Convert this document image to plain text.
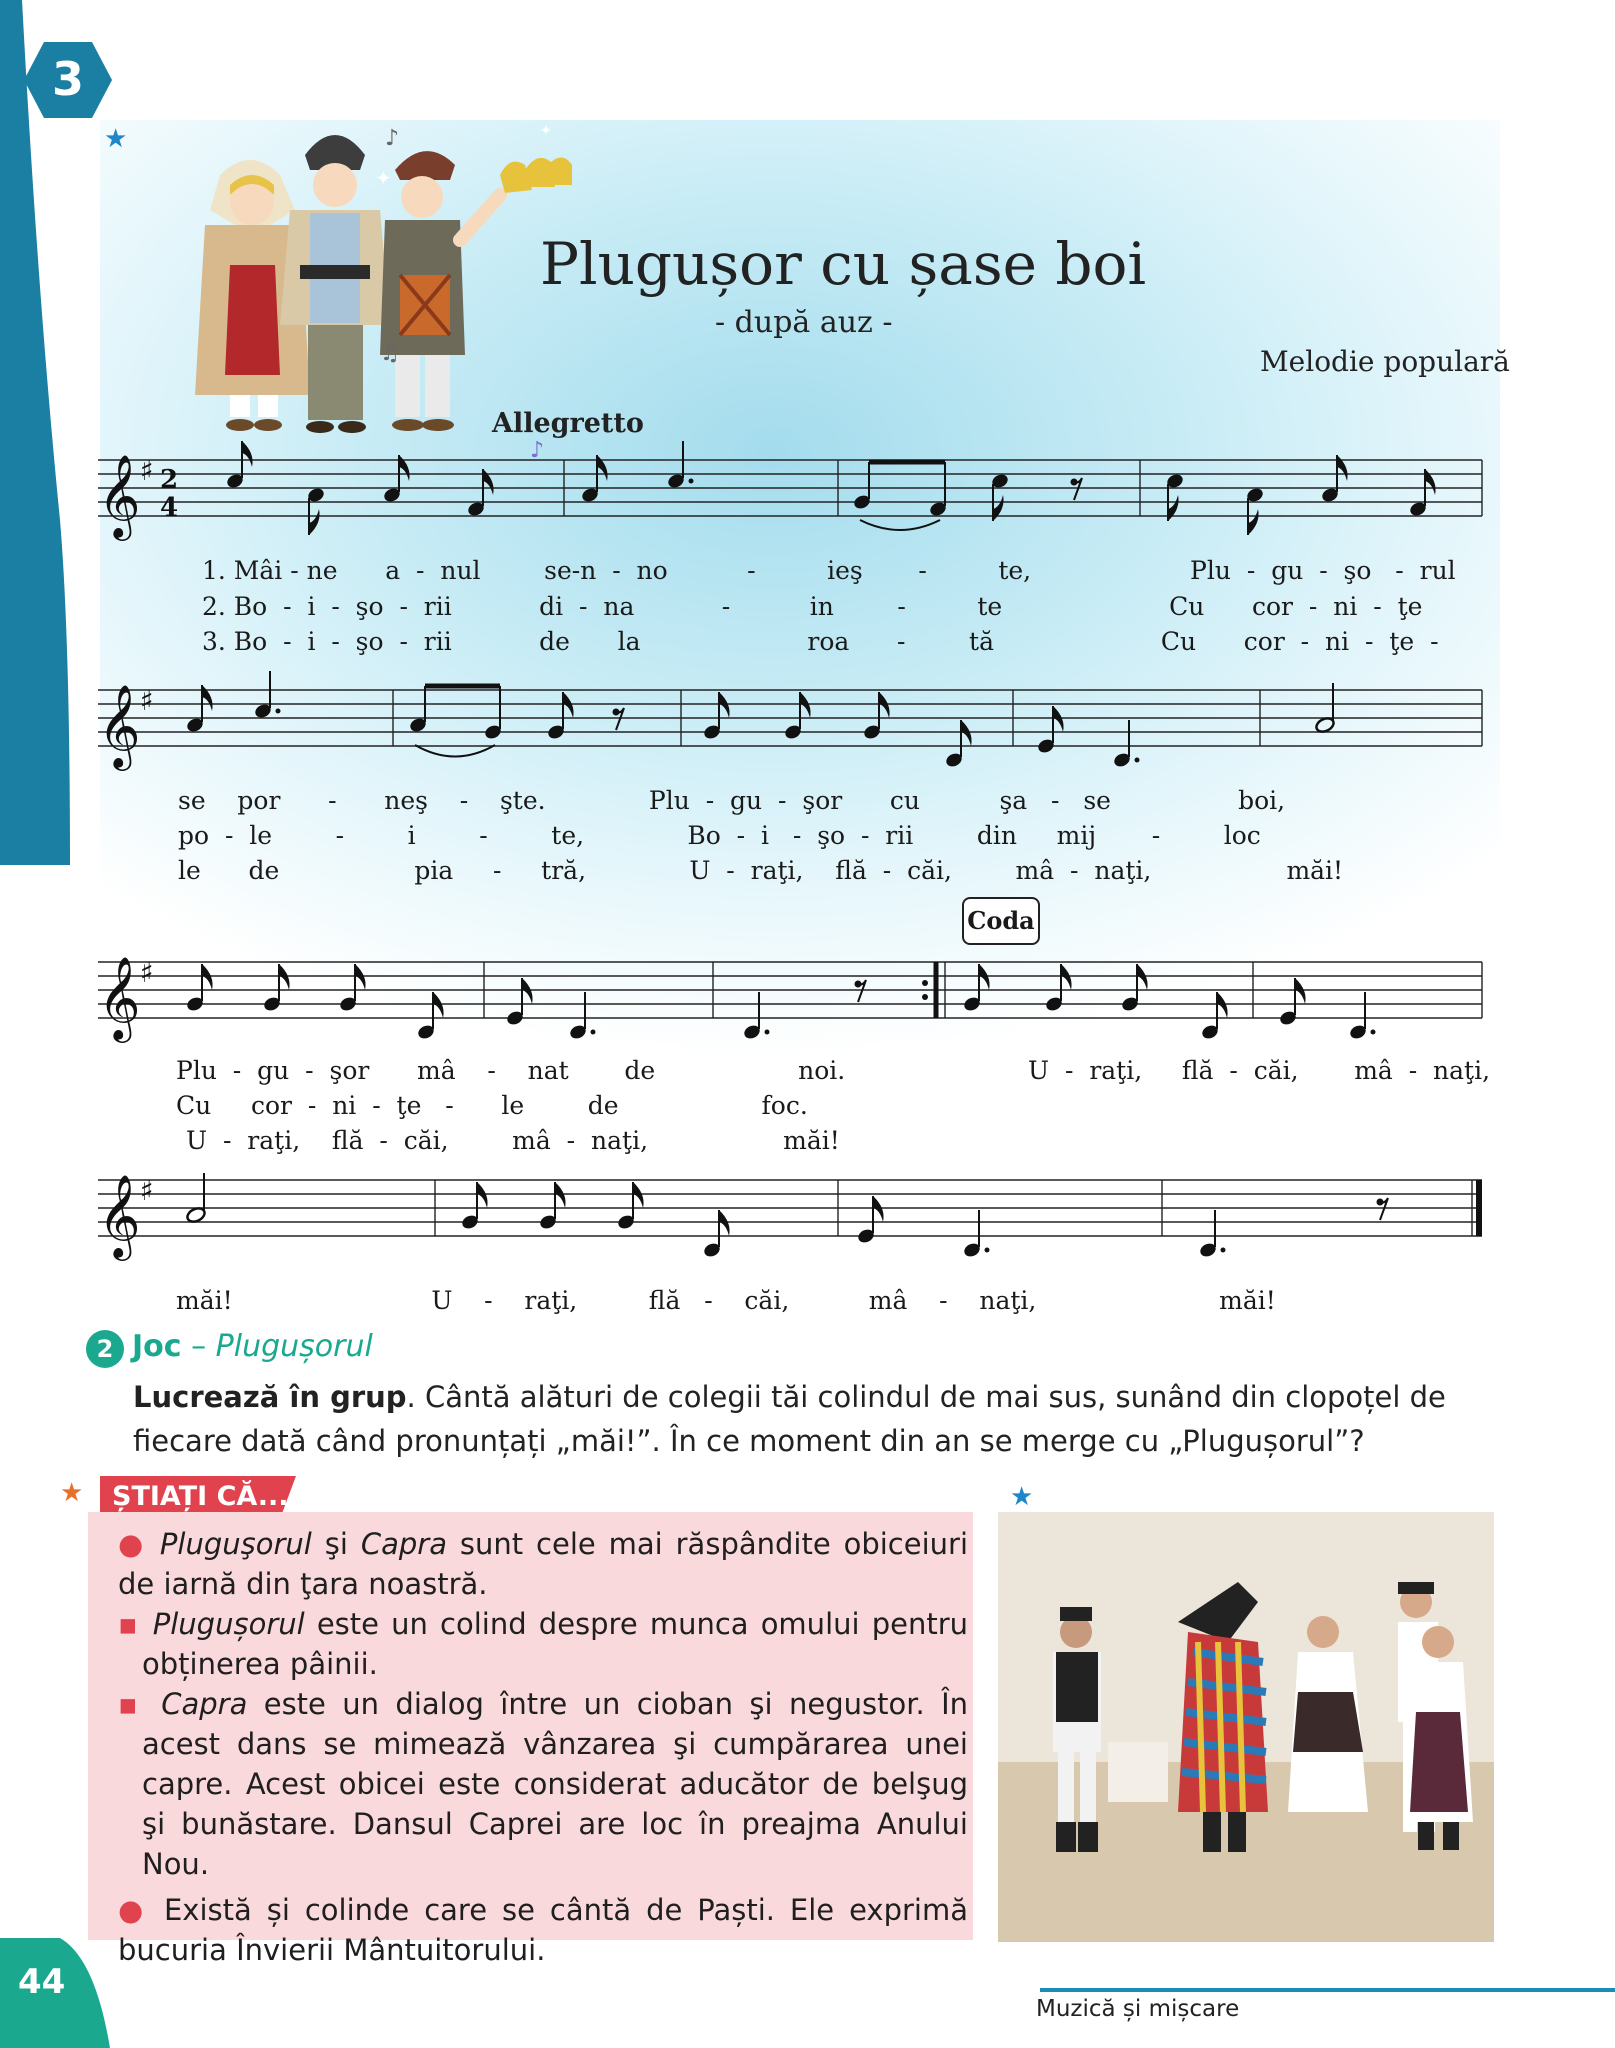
3
★
✦
✦
♪
♫
Plugușor cu șase boi
- după auz -
Melodie populară
Allegretto
♪
𝄞 ♯ 2
4
𝄞 ♯
𝄞 ♯
𝄞 ♯
1. Mâi - ne      a  -  nul        se-n  -  no          -         ieş       -         te,                    Plu  -  gu  -  şo   -  rul
2. Bo  -  i  -  şo  -  rii           di  -  na           -          in        -         te                     Cu      cor  -  ni  -  ţe
3. Bo  -  i  -  şo  -  rii           de      la                     roa      -        tă                     Cu      cor  -  ni  -  ţe  -
se    por      -      neş    -    şte.             Plu  -  gu  -  şor      cu          şa   -   se                boi,
po  -  le        -        i        -        te,             Bo  -  i   -  şo  -  rii        din     mij       -        loc
le      de                 pia     -     tră,             U  -  raţi,    flă  -  căi,        mâ  -  naţi,                 măi!
Coda
Plu  -  gu  -  şor      mâ    -    nat       de                  noi.                       U  -  raţi,     flă  -  căi,       mâ  -  naţi,
Cu     cor  -  ni  -  ţe   -      le        de                  foc.
U  -  raţi,    flă  -  căi,        mâ  -  naţi,                 măi!
măi!                         U    -    raţi,         flă   -    căi,          mâ    -    naţi,                       măi!
2 Joc – Plugușorul
Lucrează în grup. Cântă alături de colegii tăi colindul de mai sus, sunând din clopoțel de fiecare dată când pronunțați „măi!”. În ce moment din an se merge cu „Plugușorul”?
★ ȘTIAȚI CĂ...

● Pluguşorul şi Capra sunt cele mai răspândite obiceiuri de iarnă din ţara noastră.

▪ Plugușorul este un colind despre munca omului pentru obținerea pâinii.

▪ Capra este un dialog între un cioban şi negustor. În acest dans se mimează vânzarea şi cumpărarea unei capre. Acest obicei este considerat aducător de belşug şi bunăstare. Dansul Caprei are loc în preajma Anului Nou.

● Există și colinde care se cântă de Paști. Ele exprimă bucuria Învierii Mântuitorului.

★
44
Muzică și mișcare
